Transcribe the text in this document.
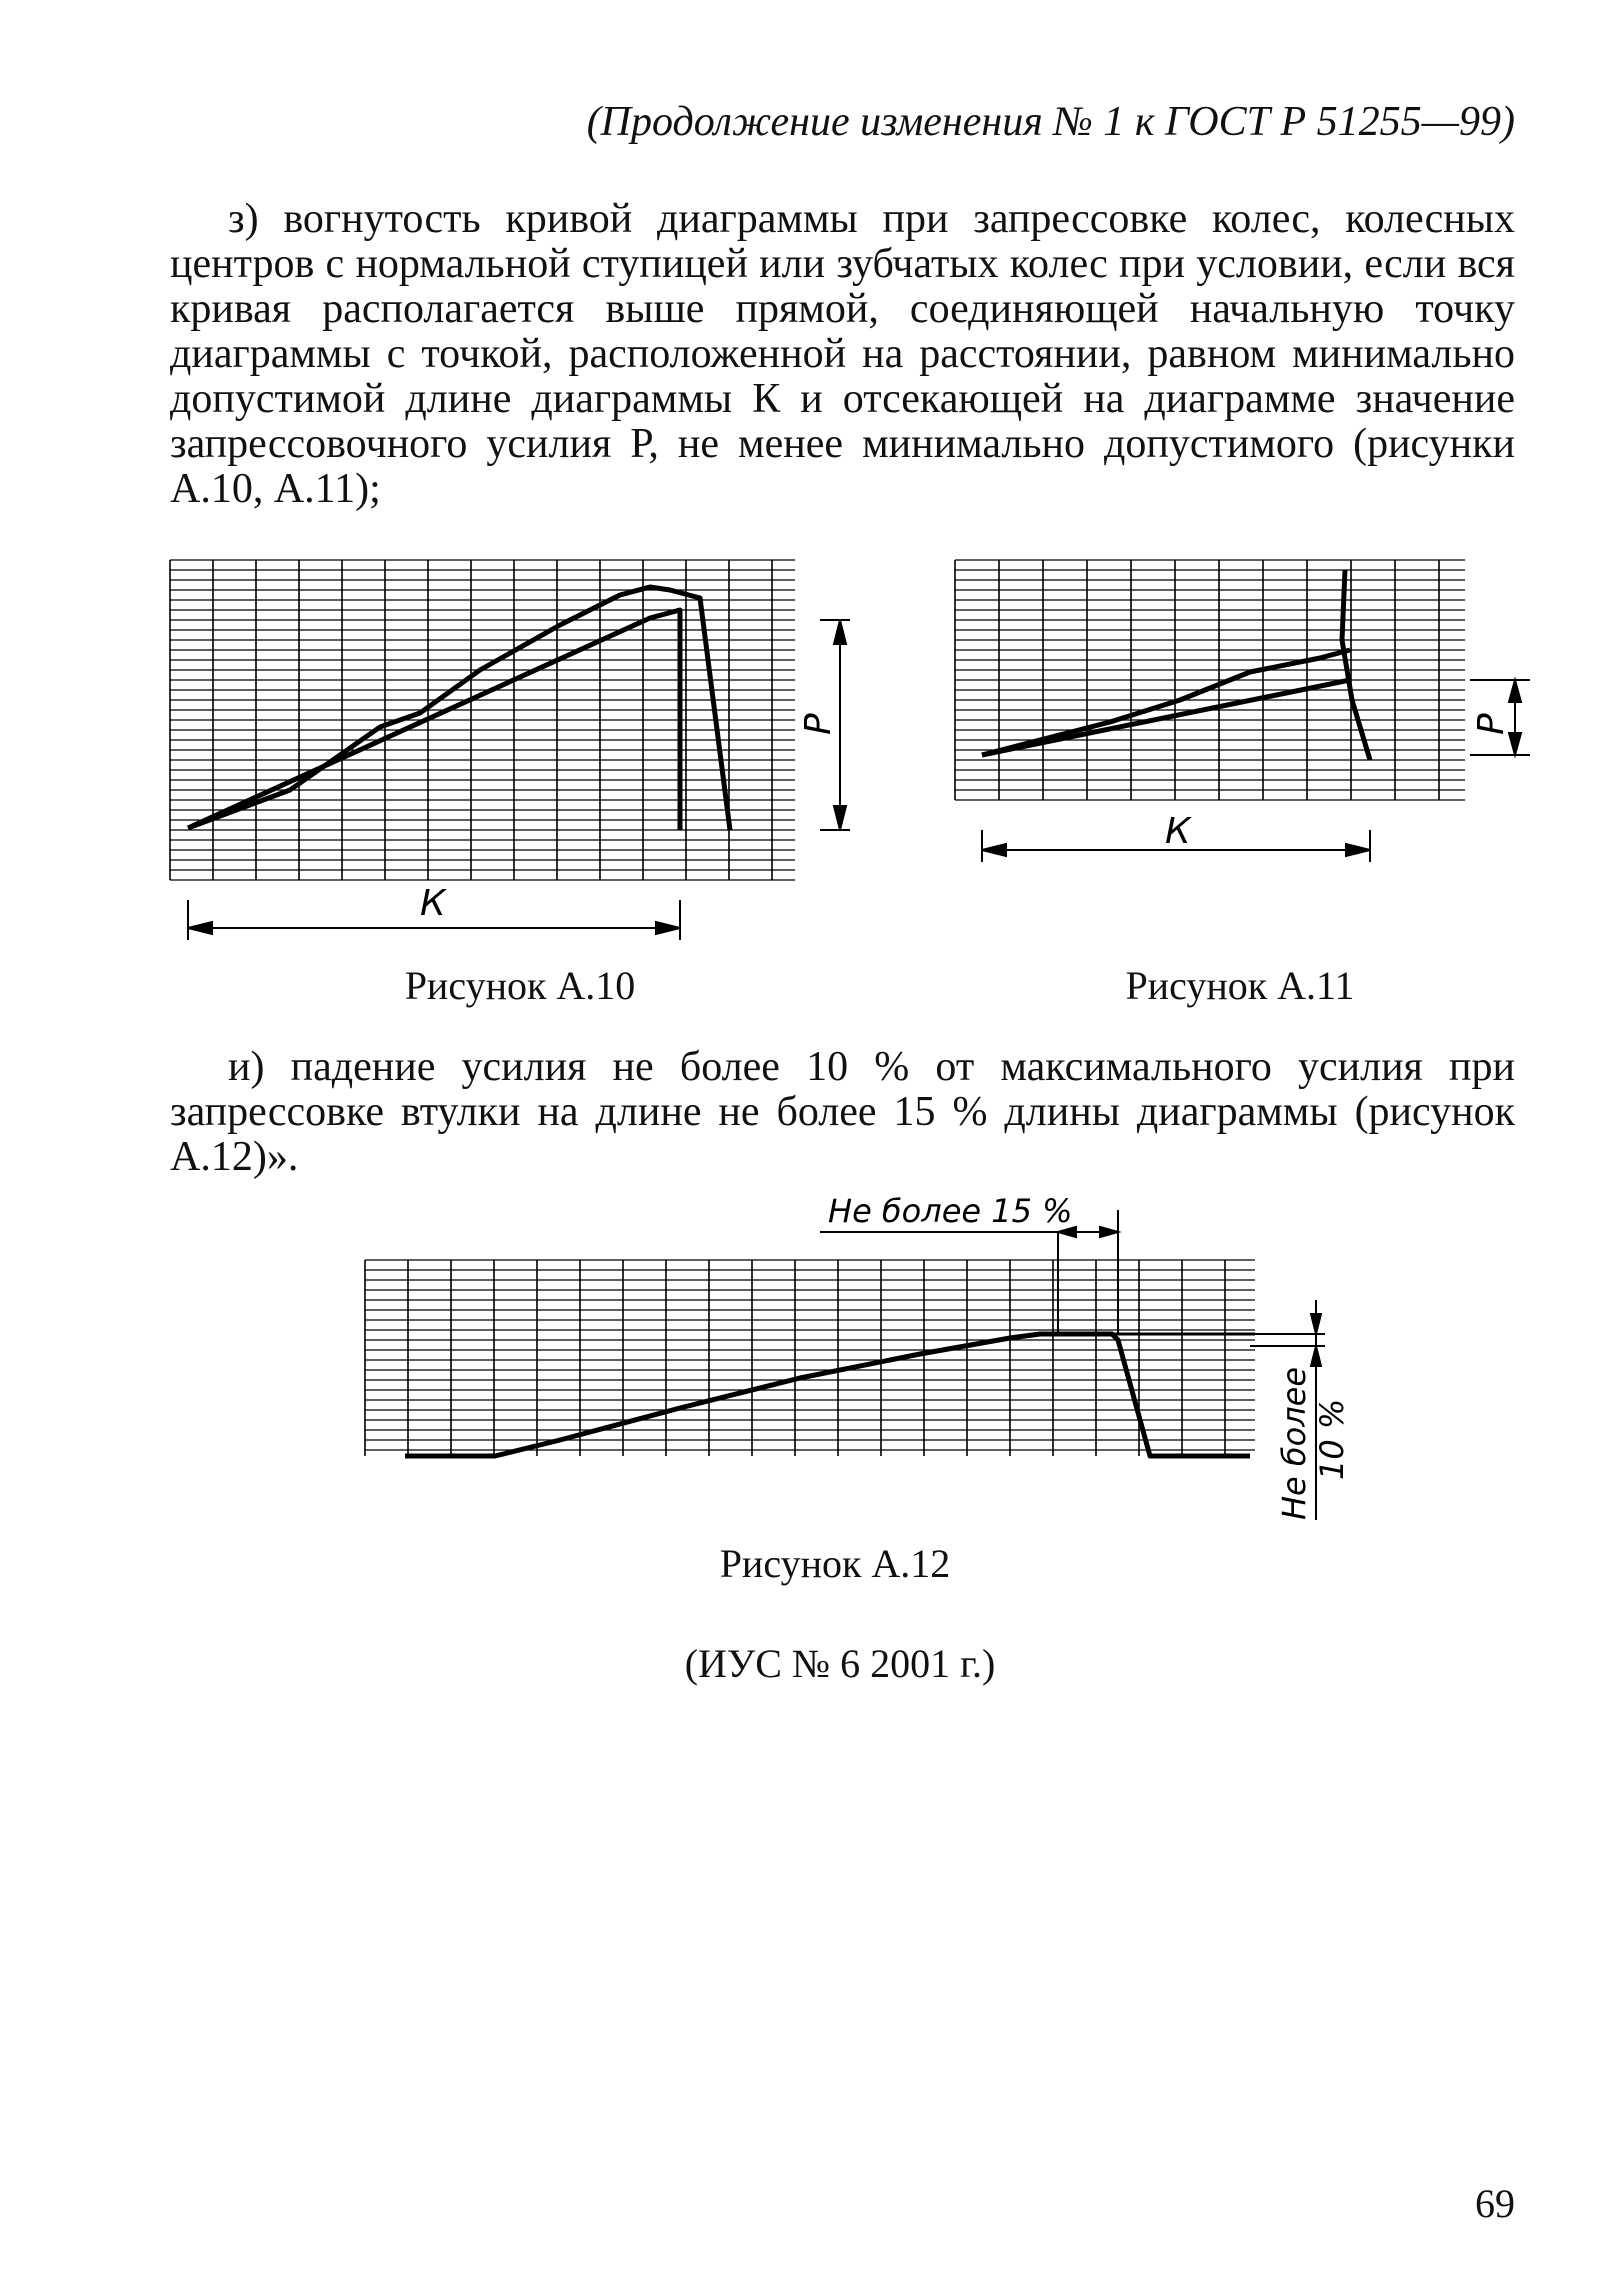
(Продолжение изменения № 1 к ГОСТ Р 51255—99)
з) вогнутость кривой диаграммы при запрессовке колес, колесных центров с нормальной ступицей или зубчатых колес при условии, если вся кривая располагается выше прямой, соединяющей начальную точку диаграммы с точкой, расположенной на расстоянии, равном минимально допустимой длине диаграммы К и отсекающей на диаграмме значение запрессовочного усилия Р, не менее минимально допустимого (рисунки А.10, А.11);
К
Р
К
Р
Не более 15 %
Не более 10 %
Рисунок А.10	Рисунок А.11
и) падение усилия не более 10 % от максимального усилия при запрессовке втулки на длине не более 15 % длины диаграммы (рисунок А.12)».
Рисунок А.12
(ИУС № 6 2001 г.)
69
